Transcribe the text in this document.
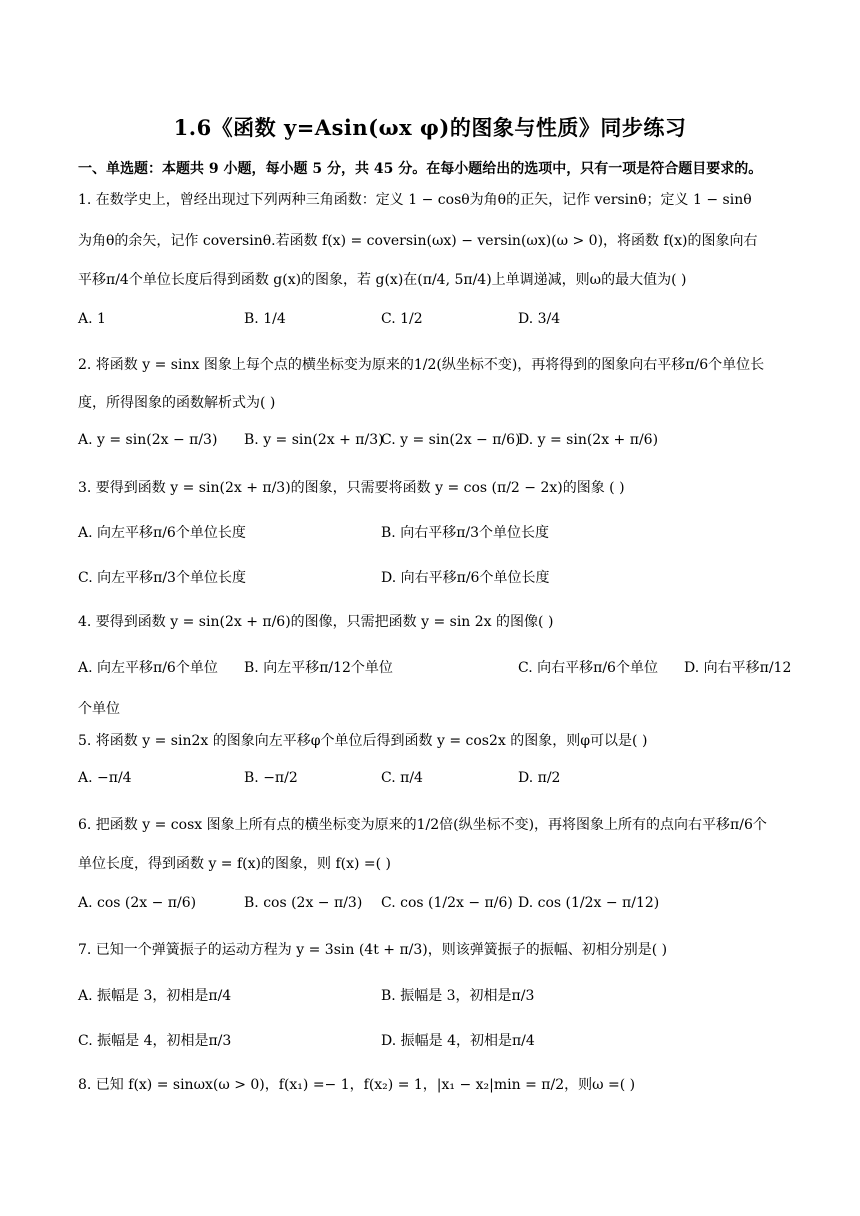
1.6《函数 y=Asin(ωx φ)的图象与性质》同步练习
一、单选题：本题共 9 小题，每小题 5 分，共 45 分。在每小题给出的选项中，只有一项是符合题目要求的。
1. 在数学史上，曾经出现过下列两种三角函数：定义 1 − cosθ为角θ的正矢，记作 versinθ；定义 1 − sinθ
为角θ的余矢，记作 coversinθ.若函数 f(x) = coversin(ωx) − versin(ωx)(ω > 0)，将函数 f(x)的图象向右
平移π/4个单位长度后得到函数 g(x)的图象，若 g(x)在(π/4, 5π/4)上单调递减，则ω的最大值为( )
A. 1	B. 1/4	C. 1/2	D. 3/4
2. 将函数 y = sinx 图象上每个点的横坐标变为原来的1/2(纵坐标不变)，再将得到的图象向右平移π/6个单位长
度，所得图象的函数解析式为( )
A. y = sin(2x − π/3) B. y = sin(2x + π/3)
C. y = sin(2x − π/6)
D. y = sin(2x + π/6)
3. 要得到函数 y = sin(2x + π/3)的图象，只需要将函数 y = cos (π/2 − 2x)的图象 ( )
A. 向左平移π/6个单位长度	B. 向右平移π/3个单位长度
C. 向左平移π/3个单位长度	D. 向右平移π/6个单位长度
4. 要得到函数 y = sin(2x + π/6)的图像，只需把函数 y = sin 2x 的图像( )
A. 向左平移π/6个单位 B. 向左平移π/12个单位	C. 向右平移π/6个单位 D. 向右平移π/12
个单位
5. 将函数 y = sin2x 的图象向左平移φ个单位后得到函数 y = cos2x 的图象，则φ可以是( )
A. −π/4	B. −π/2	C. π/4	D. π/2
6. 把函数 y = cosx 图象上所有点的横坐标变为原来的1/2倍(纵坐标不变)，再将图象上所有的点向右平移π/6个
单位长度，得到函数 y = f(x)的图象，则 f(x) =( )
A. cos (2x − π/6)	B. cos (2x − π/3) C. cos (1/2x − π/6) D. cos (1/2x − π/12)
7. 已知一个弹簧振子的运动方程为 y = 3sin (4t + π/3)，则该弹簧振子的振幅、初相分别是( )
A. 振幅是 3，初相是π/4	B. 振幅是 3，初相是π/3
C. 振幅是 4，初相是π/3	D. 振幅是 4，初相是π/4
8. 已知 f(x) = sinωx(ω > 0)，f(x₁) =− 1，f(x₂) = 1，|x₁ − x₂|min = π/2，则ω =( )
